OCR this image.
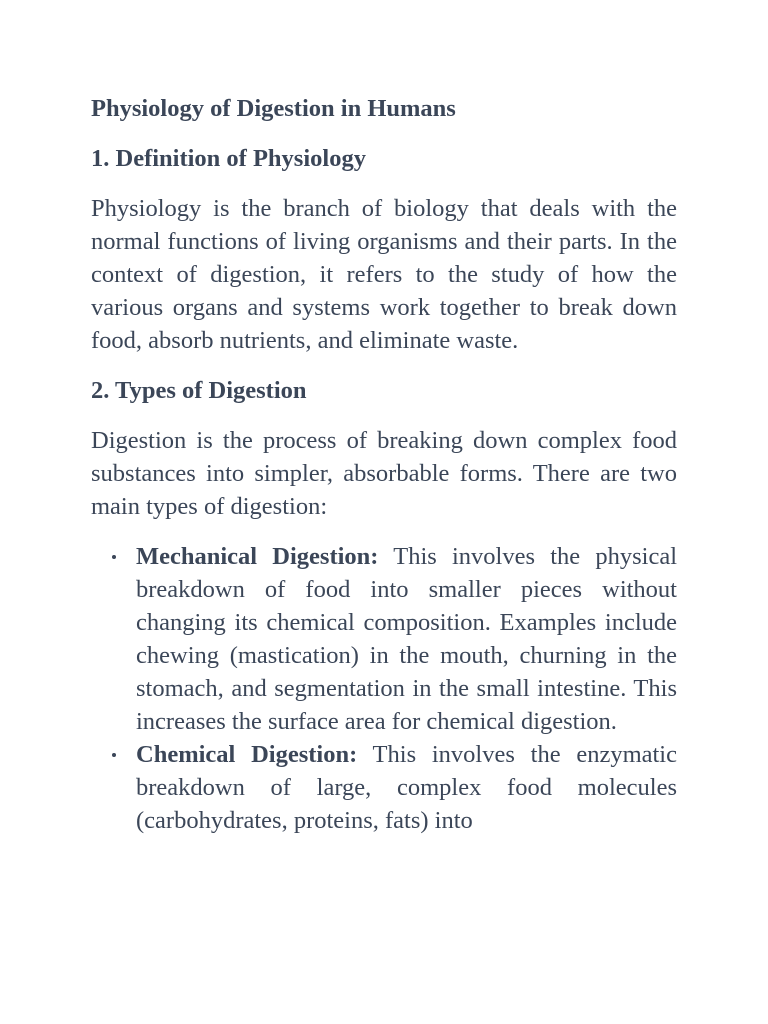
Physiology of Digestion in Humans
1. Definition of Physiology

Physiology is the branch of biology that deals with the normal functions of living organisms and their parts. In the context of digestion, it refers to the study of how the various organs and systems work together to break down food, absorb nutrients, and eliminate waste.

2. Types of Digestion

Digestion is the process of breaking down complex food substances into simpler, absorbable forms. There are two main types of digestion:

Mechanical Digestion: This involves the physical breakdown of food into smaller pieces without changing its chemical composition. Examples include chewing (mastication) in the mouth, churning in the stomach, and segmentation in the small intestine. This increases the surface area for chemical digestion.
Chemical Digestion: This involves the enzymatic breakdown of large, complex food molecules (carbohydrates, proteins, fats) into
